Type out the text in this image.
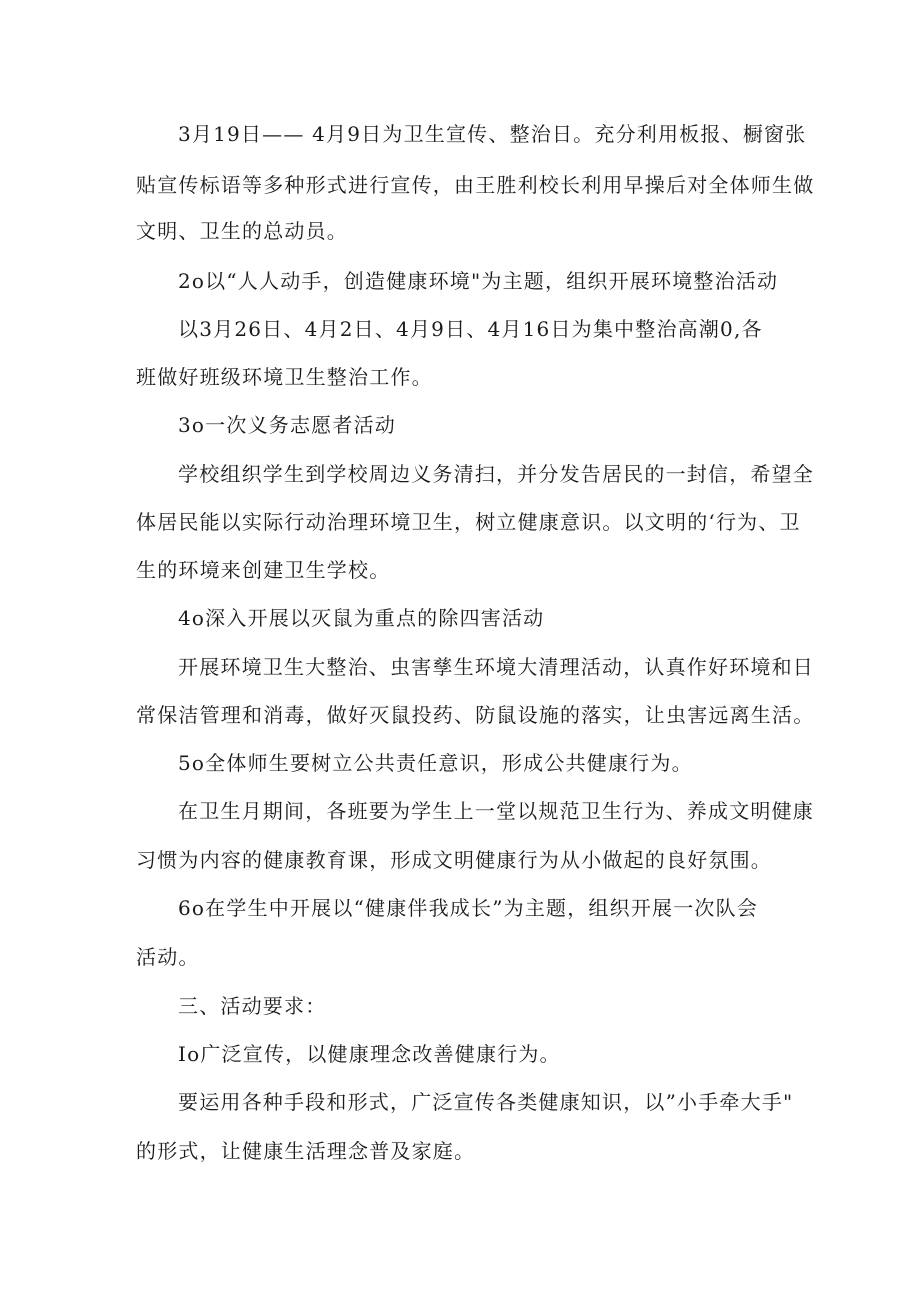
3月19日—— 4月9日为卫生宣传、整治日。充分利用板报、橱窗张
贴宣传标语等多种形式进行宣传，由王胜利校长利用早操后对全体师生做
文明、卫生的总动员。
2o以“人人动手，创造健康环境"为主题，组织开展环境整治活动
以3月26日、4月2日、4月9日、4月16日为集中整治高潮0,各
班做好班级环境卫生整治工作。
3o一次义务志愿者活动
学校组织学生到学校周边义务清扫，并分发告居民的一封信，希望全
体居民能以实际行动治理环境卫生，树立健康意识。以文明的‘行为、卫
生的环境来创建卫生学校。
4o深入开展以灭鼠为重点的除四害活动
开展环境卫生大整治、虫害孳生环境大清理活动，认真作好环境和日
常保洁管理和消毒，做好灭鼠投药、防鼠设施的落实，让虫害远离生活。
5o全体师生要树立公共责任意识，形成公共健康行为。
在卫生月期间，各班要为学生上一堂以规范卫生行为、养成文明健康
习惯为内容的健康教育课，形成文明健康行为从小做起的良好氛围。
6o在学生中开展以“健康伴我成长”为主题，组织开展一次队会
活动。
三、活动要求：
Io广泛宣传，以健康理念改善健康行为。
要运用各种手段和形式，广泛宣传各类健康知识，以”小手牵大手"
的形式，让健康生活理念普及家庭。
